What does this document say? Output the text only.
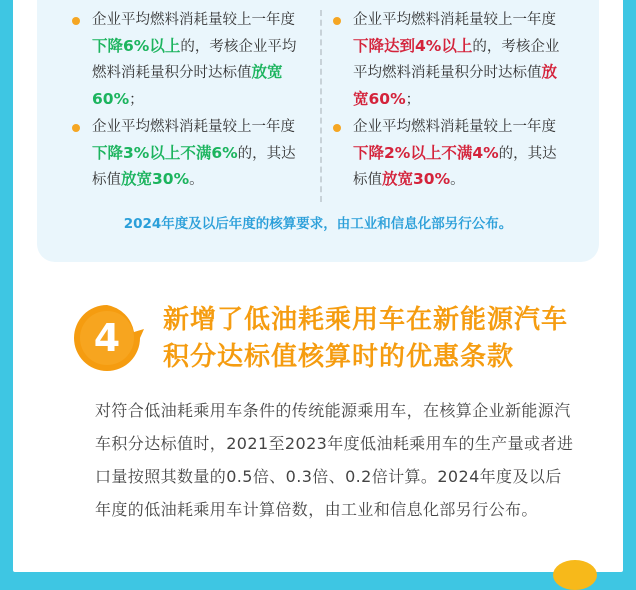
企业平均燃料消耗量较上一年度下降6%以上的，考核企业平均燃料消耗量积分时达标值放宽60%；
企业平均燃料消耗量较上一年度下降3%以上不满6%的，其达标值放宽30%。
企业平均燃料消耗量较上一年度下降达到4%以上的，考核企业平均燃料消耗量积分时达标值放宽60%；
企业平均燃料消耗量较上一年度下降2%以上不满4%的，其达标值放宽30%。
2024年度及以后年度的核算要求，由工业和信息化部另行公布。
4 新增了低油耗乘用车在新能源汽车积分达标值核算时的优惠条款
对符合低油耗乘用车条件的传统能源乘用车，在核算企业新能源汽车积分达标值时，2021至2023年度低油耗乘用车的生产量或者进口量按照其数量的0.5倍、0.3倍、0.2倍计算。2024年度及以后年度的低油耗乘用车计算倍数，由工业和信息化部另行公布。
